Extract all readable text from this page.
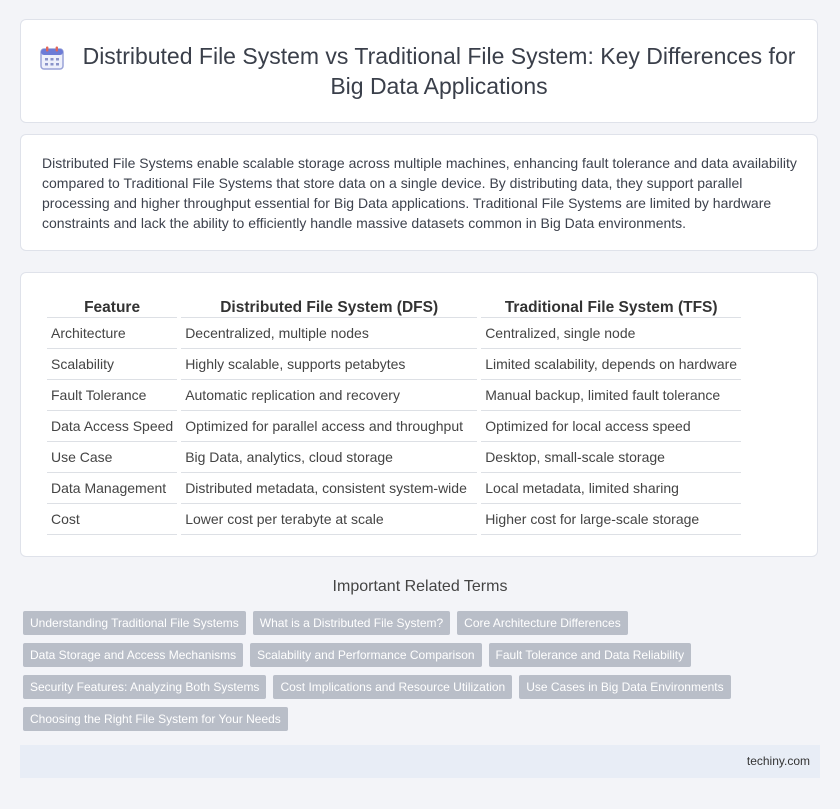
Distributed File System vs Traditional File System: Key Differences for Big Data Applications

Distributed File Systems enable scalable storage across multiple machines, enhancing fault tolerance and data availability compared to Traditional File Systems that store data on a single device. By distributing data, they support parallel processing and higher throughput essential for Big Data applications. Traditional File Systems are limited by hardware constraints and lack the ability to efficiently handle massive datasets common in Big Data environments.

Feature	Distributed File System (DFS)	Traditional File System (TFS)
Architecture	Decentralized, multiple nodes	Centralized, single node
Scalability	Highly scalable, supports petabytes	Limited scalability, depends on hardware
Fault Tolerance	Automatic replication and recovery	Manual backup, limited fault tolerance
Data Access Speed	Optimized for parallel access and throughput	Optimized for local access speed
Use Case	Big Data, analytics, cloud storage	Desktop, small-scale storage
Data Management	Distributed metadata, consistent system-wide	Local metadata, limited sharing
Cost	Lower cost per terabyte at scale	Higher cost for large-scale storage
Important Related Terms
Understanding Traditional File Systems	What is a Distributed File System?	Core Architecture Differences
Data Storage and Access Mechanisms	Scalability and Performance Comparison	Fault Tolerance and Data Reliability
Security Features: Analyzing Both Systems	Cost Implications and Resource Utilization	Use Cases in Big Data Environments
Choosing the Right File System for Your Needs
techiny.com
